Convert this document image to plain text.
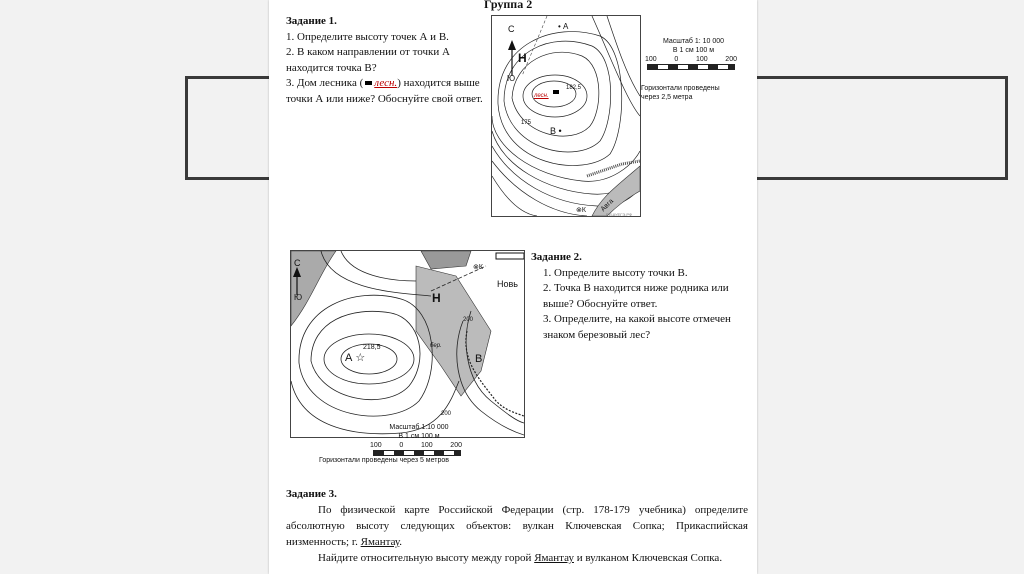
Группа 2
Задание 1.
1. Определите высоту точек А и В.
2. В каком направлении от точки А находится точка В?
3. Дом лесника ( лесн.) находится выше точки А или ниже? Обоснуйте свой ответ.
С
Ю
Н
• А
В •
182,5
175
лесн.
Авга
⊗К
РЕШУЕГЭ.РФ
Масштаб 1: 10 000
В 1 см 100 м
100	0	100	200
Горизонтали проведены через 2,5 метра
С
Ю	Н
А ☆
218,5
В
бер.
200
200
⊗К
Новь
Масштаб 1:10 000
В 1 см 100 м
100	0	100	200
Горизонтали проведены через 5 метров
Задание 2.
1. Определите высоту точки В.
2. Точка В находится ниже родника или выше? Обоснуйте ответ.
3. Определите, на какой высоте отмечен знаком березовый лес?
Задание 3.
По физической карте Российской Федерации (стр. 178-179 учебника) определите абсолютную высоту следующих объектов: вулкан Ключевская Сопка; Прикаспийская низменность; г. Ямантау.
Найдите относительную высоту между горой Ямантау и вулканом Ключевская Сопка.
